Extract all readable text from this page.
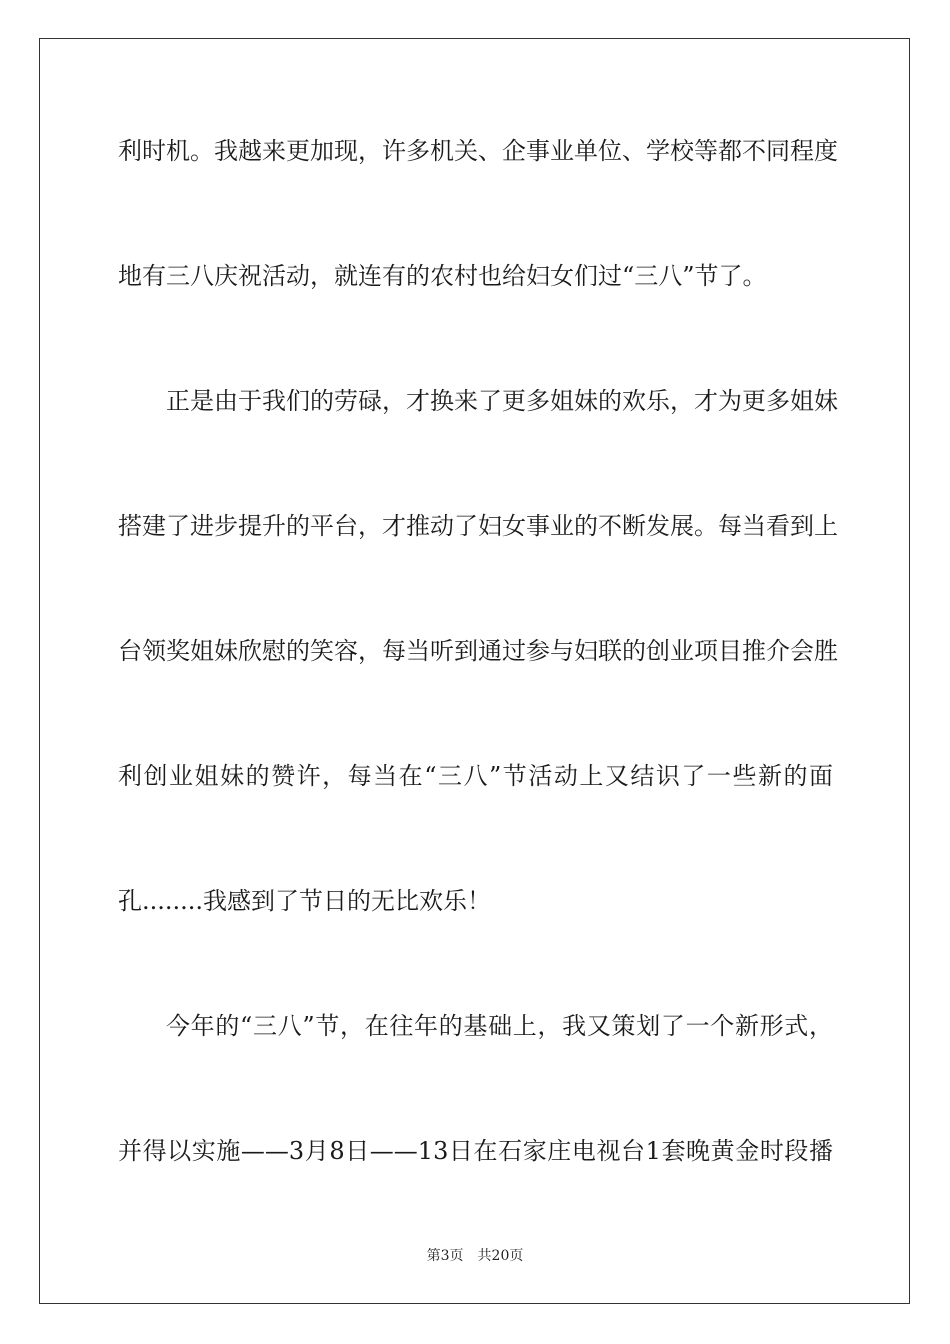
利时机。我越来更加现，许多机关、企事业单位、学校等都不同程度
地有三八庆祝活动，就连有的农村也给妇女们过“三八”节了。
正是由于我们的劳碌，才换来了更多姐妹的欢乐，才为更多姐妹
搭建了进步提升的平台，才推动了妇女事业的不断发展。每当看到上
台领奖姐妹欣慰的笑容，每当听到通过参与妇联的创业项目推介会胜
利创业姐妹的赞许，每当在“三八”节活动上又结识了一些新的面
孔........我感到了节日的无比欢乐！
今年的“三八”节，在往年的基础上，我又策划了一个新形式，
并得以实施——3月8日——13日在石家庄电视台1套晚黄金时段播
第3页 共20页
